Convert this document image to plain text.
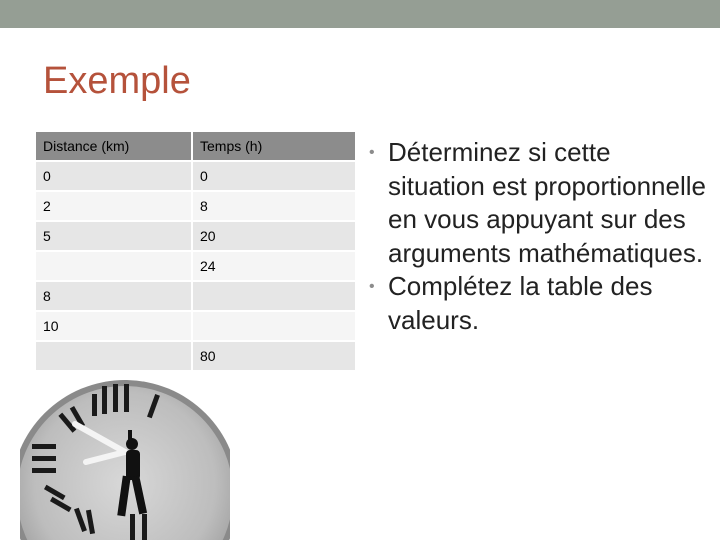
Exemple
Distance (km)	Temps (h)
0	0
2	8
5	20
	24
8	
10	
	80
• Déterminez si cette situation est proportionnelle en vous appuyant sur des arguments mathématiques.
• Complétez la table des valeurs.
